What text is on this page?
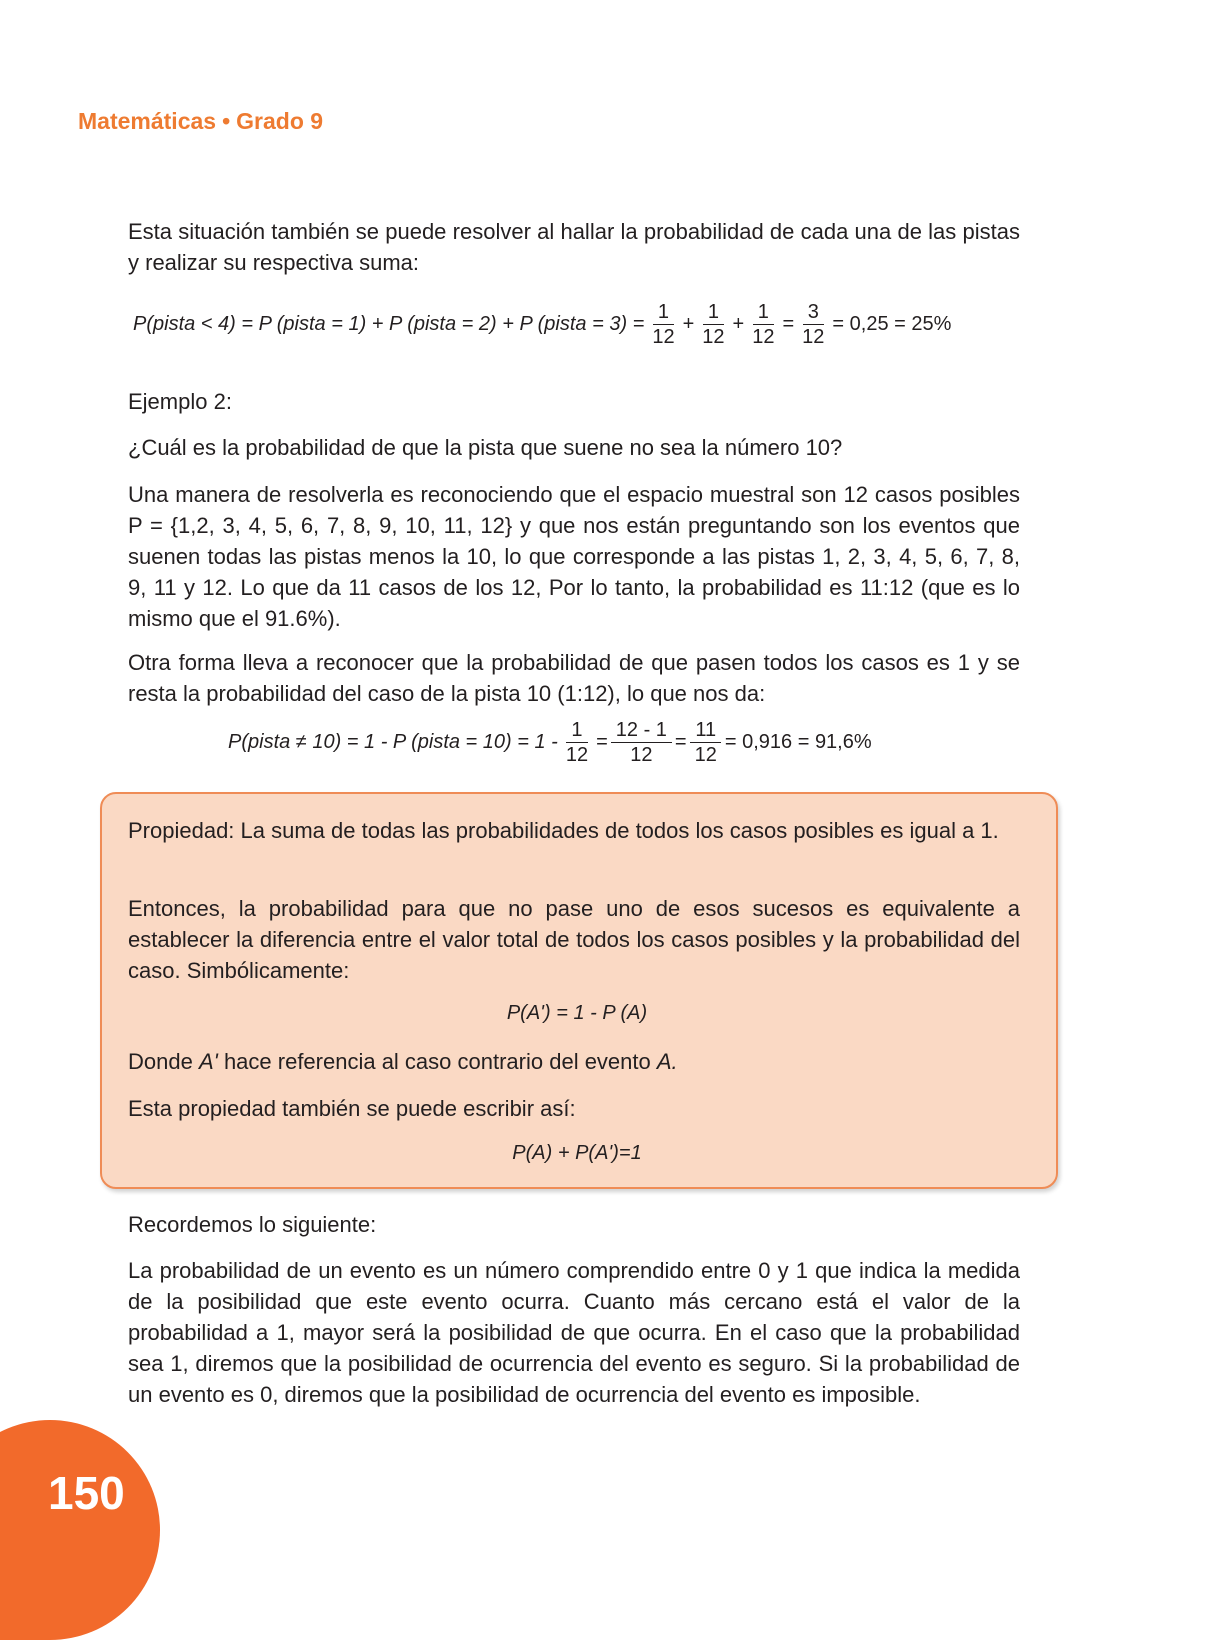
Matemáticas • Grado 9

Esta situación también se puede resolver al hallar la probabilidad de cada una de las pistas y realizar su respectiva suma:

P(pista < 4) = P (pista = 1) + P (pista = 2) + P (pista = $3) = \frac{1}{12} + \frac{1}{12} + \frac{1}{12} = \frac{3}{12} = 0,25 = 25\%$

Ejemplo 2:

¿Cuál es la probabilidad de que la pista que suene no sea la número 10?

Una manera de resolverla es reconociendo que el espacio muestral son 12 casos posibles P = {1,2, 3, 4, 5, 6, 7, 8, 9, 10, 11, 12} y que nos están preguntando son los eventos que suenen todas las pistas menos la 10, lo que corresponde a las pistas 1, 2, 3, 4, 5, 6, 7, 8, 9, 11 y 12. Lo que da 11 casos de los 12, Por lo tanto, la probabilidad es 11:12 (que es lo mismo que el 91.6%).

Otra forma lleva a reconocer que la probabilidad de que pasen todos los casos es 1 y se resta la probabilidad del caso de la pista 10 (1:12), lo que nos da:

P(pista ≠ 10) = 1 - P (pista = $10) = 1 - \frac{1}{12} = \frac{12 - 1}{12} = \frac{11}{12} = 0,916 = 91,6\%$

Propiedad: La suma de todas las probabilidades de todos los casos posibles es igual a 1.

Entonces, la probabilidad para que no pase uno de esos sucesos es equivalente a establecer la diferencia entre el valor total de todos los casos posibles y la probabilidad del caso. Simbólicamente:

P(A') = 1 - P (A)

Donde A' hace referencia al caso contrario del evento A.

Esta propiedad también se puede escribir así:

P(A) + P(A')=1

Recordemos lo siguiente:

La probabilidad de un evento es un número comprendido entre 0 y 1 que indica la medida de la posibilidad que este evento ocurra. Cuanto más cercano está el valor de la probabilidad a 1, mayor será la posibilidad de que ocurra. En el caso que la probabilidad sea 1, diremos que la posibilidad de ocurrencia del evento es seguro. Si la probabilidad de un evento es 0, diremos que la posibilidad de ocurrencia del evento es imposible.

150
